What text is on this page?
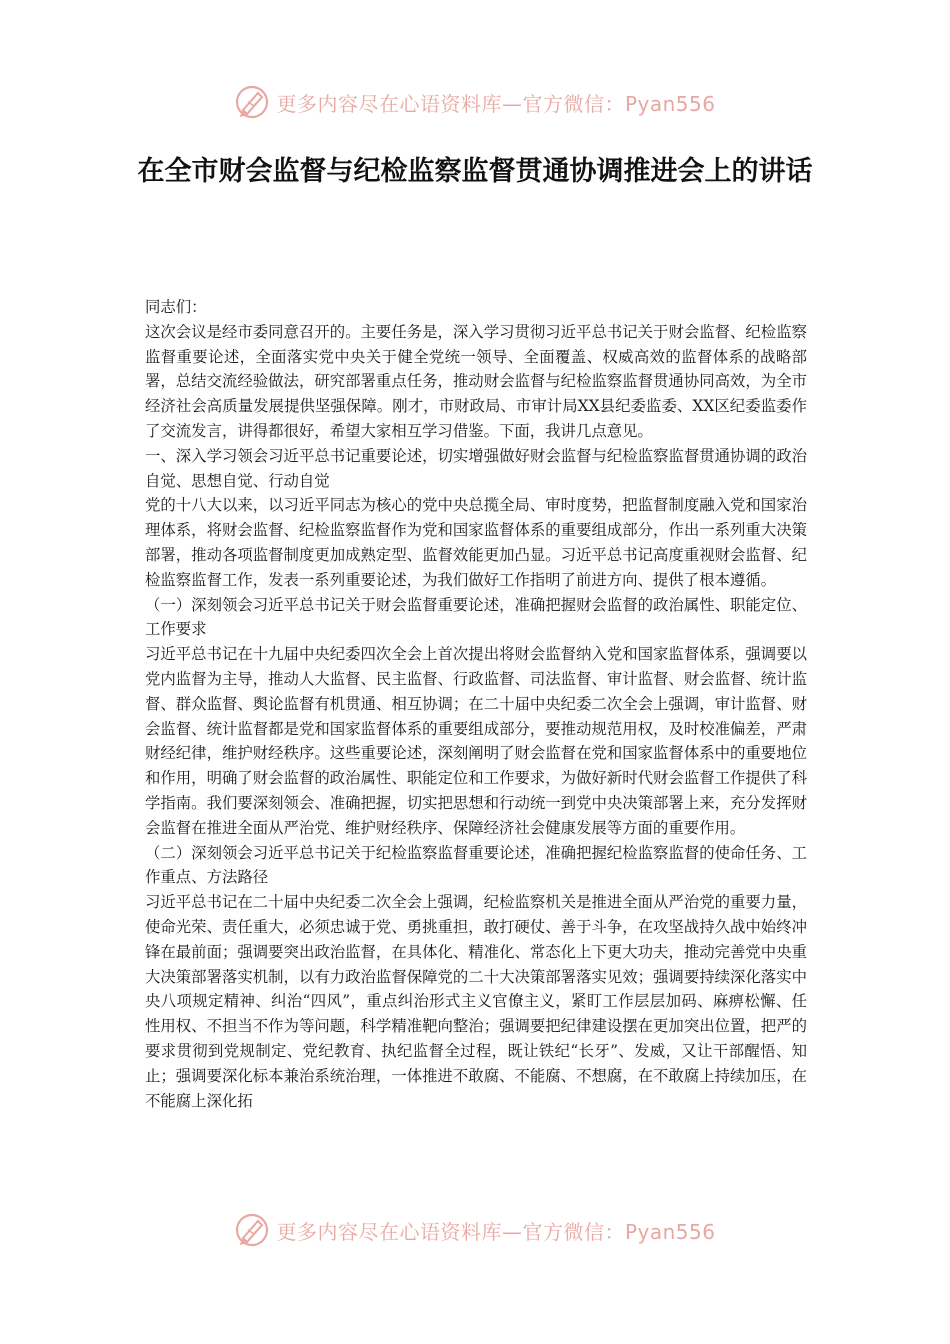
更多内容尽在心语资料库—官方微信：Pyan556
在全市财会监督与纪检监察监督贯通协调推进会上的讲话

同志们：

这次会议是经市委同意召开的。主要任务是，深入学习贯彻习近平总书记关于财会监督、纪检监察监督重要论述，全面落实党中央关于健全党统一领导、全面覆盖、权威高效的监督体系的战略部署，总结交流经验做法，研究部署重点任务，推动财会监督与纪检监察监督贯通协同高效，为全市经济社会高质量发展提供坚强保障。刚才，市财政局、市审计局XX县纪委监委、XX区纪委监委作了交流发言，讲得都很好，希望大家相互学习借鉴。下面，我讲几点意见。

一、深入学习领会习近平总书记重要论述，切实增强做好财会监督与纪检监察监督贯通协调的政治自觉、思想自觉、行动自觉

党的十八大以来，以习近平同志为核心的党中央总揽全局、审时度势，把监督制度融入党和国家治理体系，将财会监督、纪检监察监督作为党和国家监督体系的重要组成部分，作出一系列重大决策部署，推动各项监督制度更加成熟定型、监督效能更加凸显。习近平总书记高度重视财会监督、纪检监察监督工作，发表一系列重要论述，为我们做好工作指明了前进方向、提供了根本遵循。

（一）深刻领会习近平总书记关于财会监督重要论述，准确把握财会监督的政治属性、职能定位、工作要求

习近平总书记在十九届中央纪委四次全会上首次提出将财会监督纳入党和国家监督体系，强调要以党内监督为主导，推动人大监督、民主监督、行政监督、司法监督、审计监督、财会监督、统计监督、群众监督、舆论监督有机贯通、相互协调；在二十届中央纪委二次全会上强调，审计监督、财会监督、统计监督都是党和国家监督体系的重要组成部分，要推动规范用权，及时校准偏差，严肃财经纪律，维护财经秩序。这些重要论述，深刻阐明了财会监督在党和国家监督体系中的重要地位和作用，明确了财会监督的政治属性、职能定位和工作要求，为做好新时代财会监督工作提供了科学指南。我们要深刻领会、准确把握，切实把思想和行动统一到党中央决策部署上来，充分发挥财会监督在推进全面从严治党、维护财经秩序、保障经济社会健康发展等方面的重要作用。

（二）深刻领会习近平总书记关于纪检监察监督重要论述，准确把握纪检监察监督的使命任务、工作重点、方法路径

习近平总书记在二十届中央纪委二次全会上强调，纪检监察机关是推进全面从严治党的重要力量，使命光荣、责任重大，必须忠诚于党、勇挑重担，敢打硬仗、善于斗争，在攻坚战持久战中始终冲锋在最前面；强调要突出政治监督，在具体化、精准化、常态化上下更大功夫，推动完善党中央重大决策部署落实机制，以有力政治监督保障党的二十大决策部署落实见效；强调要持续深化落实中央八项规定精神、纠治“四风”，重点纠治形式主义官僚主义，紧盯工作层层加码、麻痹松懈、任性用权、不担当不作为等问题，科学精准靶向整治；强调要把纪律建设摆在更加突出位置，把严的要求贯彻到党规制定、党纪教育、执纪监督全过程，既让铁纪“长牙”、发威，又让干部醒悟、知止；强调要深化标本兼治系统治理，一体推进不敢腐、不能腐、不想腐，在不敢腐上持续加压，在不能腐上深化拓

更多内容尽在心语资料库—官方微信：Pyan556
